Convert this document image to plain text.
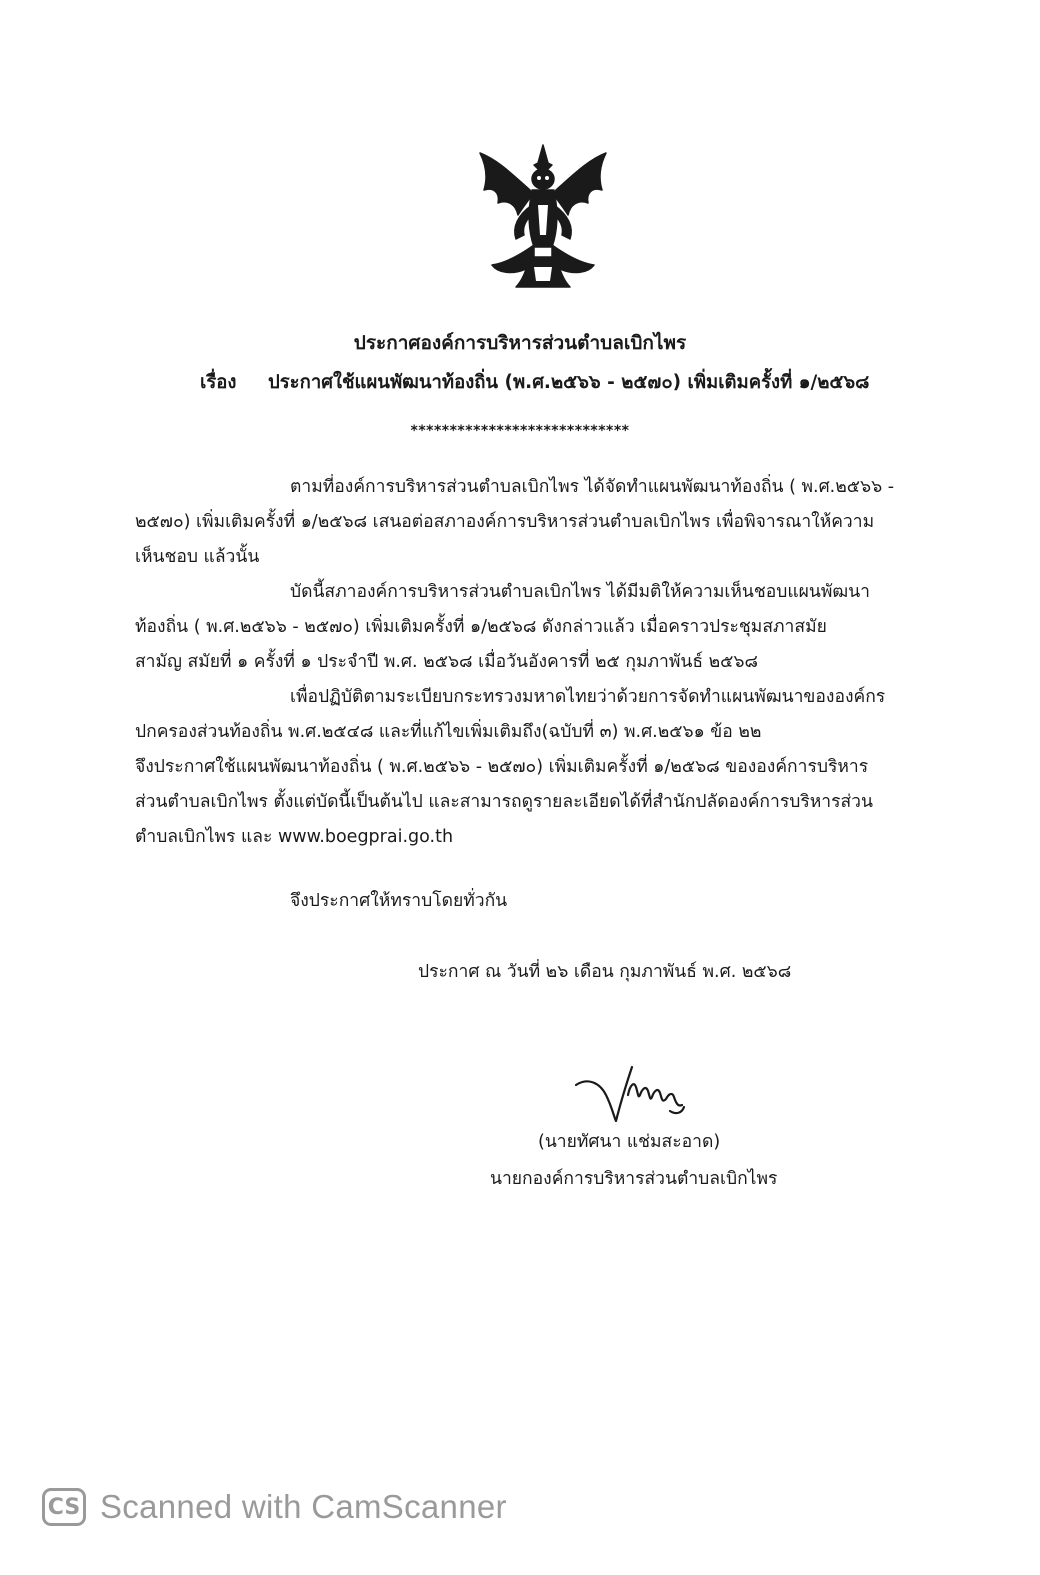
ประกาศองค์การบริหารส่วนตำบลเบิกไพร
เรื่อง ประกาศใช้แผนพัฒนาท้องถิ่น (พ.ศ.๒๕๖๖ - ๒๕๗๐) เพิ่มเติมครั้งที่ ๑/๒๕๖๘
****************************
ตามที่องค์การบริหารส่วนตำบลเบิกไพร ได้จัดทำแผนพัฒนาท้องถิ่น ( พ.ศ.๒๕๖๖ -
๒๕๗๐) เพิ่มเติมครั้งที่ ๑/๒๕๖๘ เสนอต่อสภาองค์การบริหารส่วนตำบลเบิกไพร เพื่อพิจารณาให้ความ
เห็นชอบ แล้วนั้น
บัดนี้สภาองค์การบริหารส่วนตำบลเบิกไพร ได้มีมติให้ความเห็นชอบแผนพัฒนา
ท้องถิ่น ( พ.ศ.๒๕๖๖ - ๒๕๗๐) เพิ่มเติมครั้งที่ ๑/๒๕๖๘ ดังกล่าวแล้ว เมื่อคราวประชุมสภาสมัย
สามัญ สมัยที่ ๑ ครั้งที่ ๑ ประจำปี พ.ศ. ๒๕๖๘ เมื่อวันอังคารที่ ๒๕ กุมภาพันธ์ ๒๕๖๘
เพื่อปฏิบัติตามระเบียบกระทรวงมหาดไทยว่าด้วยการจัดทำแผนพัฒนาขององค์กร
ปกครองส่วนท้องถิ่น พ.ศ.๒๕๔๘ และที่แก้ไขเพิ่มเติมถึง(ฉบับที่ ๓) พ.ศ.๒๕๖๑ ข้อ ๒๒
จึงประกาศใช้แผนพัฒนาท้องถิ่น ( พ.ศ.๒๕๖๖ - ๒๕๗๐) เพิ่มเติมครั้งที่ ๑/๒๕๖๘ ขององค์การบริหาร
ส่วนตำบลเบิกไพร ตั้งแต่บัดนี้เป็นต้นไป และสามารถดูรายละเอียดได้ที่สำนักปลัดองค์การบริหารส่วน
ตำบลเบิกไพร และ www.boegprai.go.th
จึงประกาศให้ทราบโดยทั่วกัน
ประกาศ ณ วันที่ ๒๖ เดือน กุมภาพันธ์ พ.ศ. ๒๕๖๘
(นายทัศนา แช่มสะอาด)
นายกองค์การบริหารส่วนตำบลเบิกไพร
CS Scanned with CamScanner
